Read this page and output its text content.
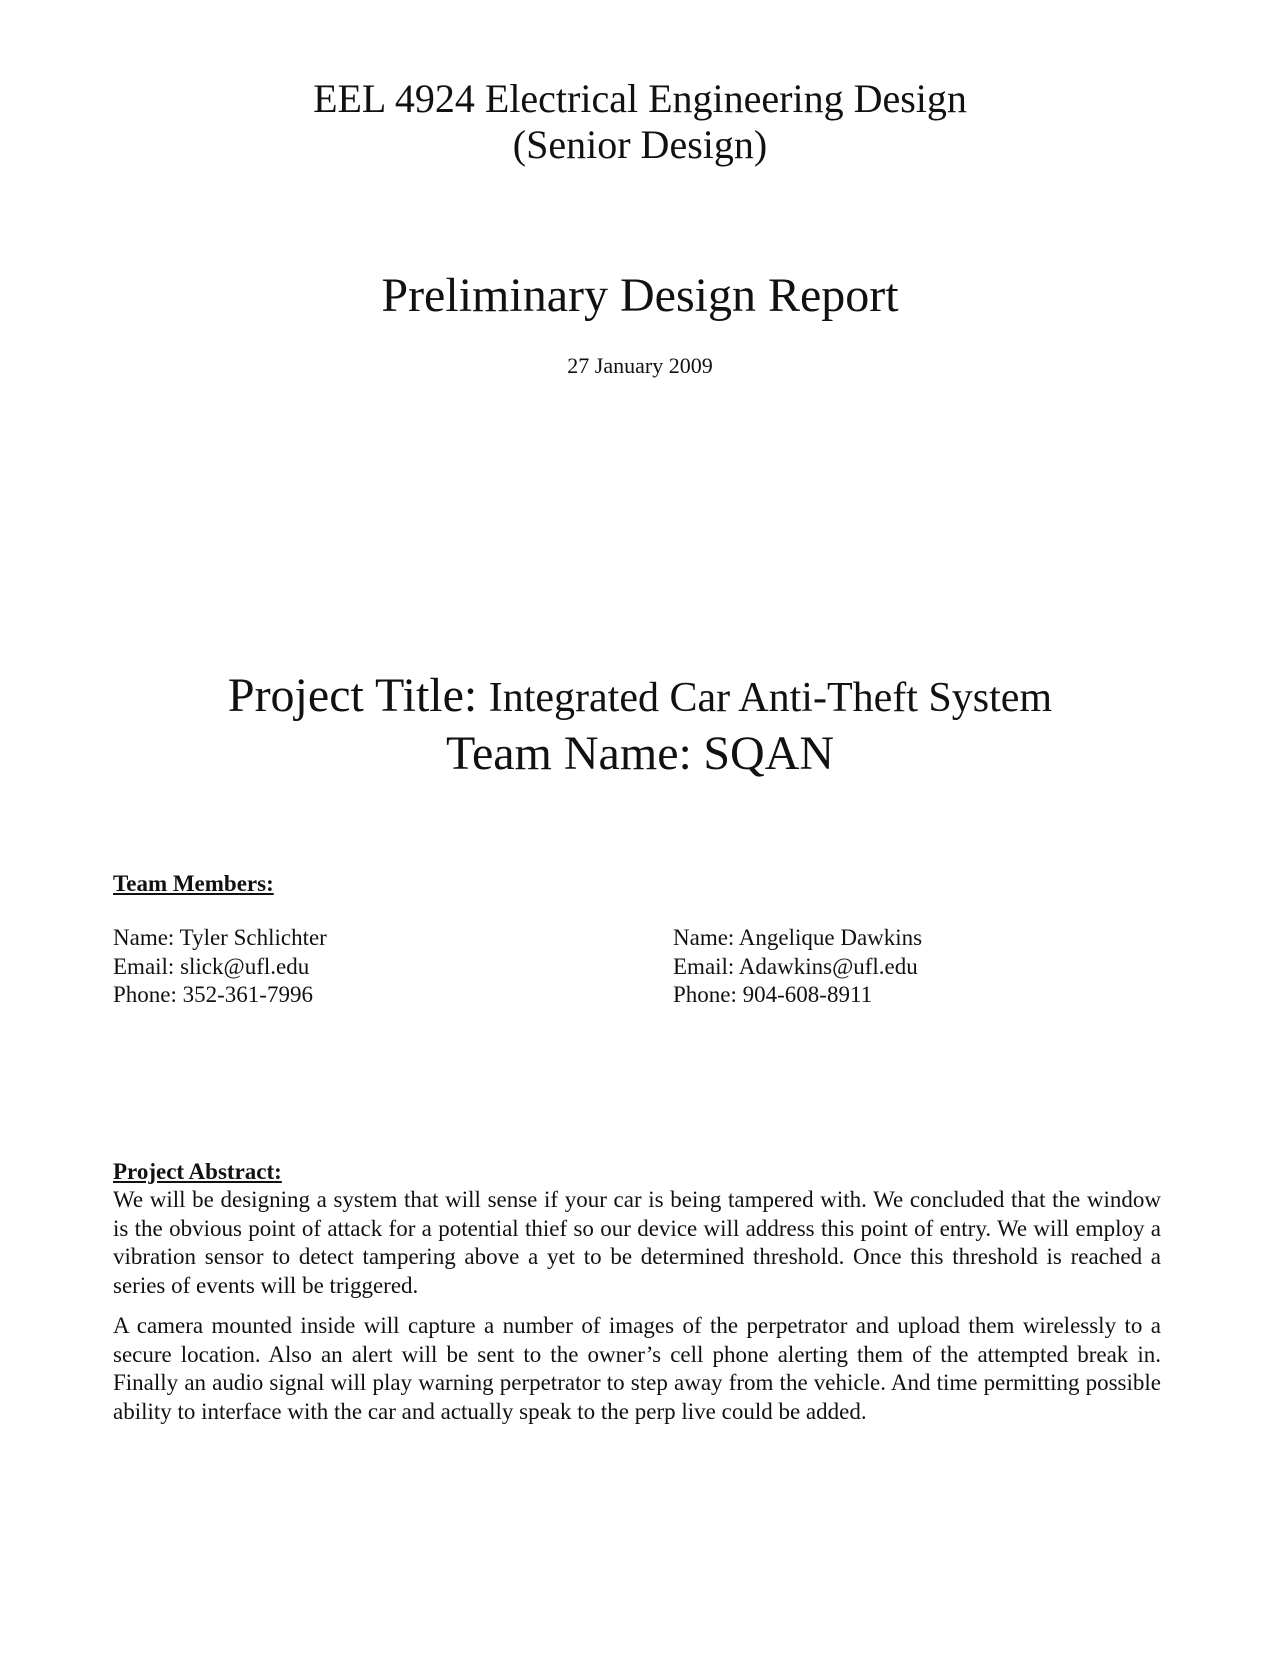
EEL 4924 Electrical Engineering Design
(Senior Design)
Preliminary Design Report
27 January 2009
Project Title: Integrated Car Anti-Theft System
Team Name: SQAN
Team Members:
Name: Tyler Schlichter
Email: slick@ufl.edu
Phone: 352-361-7996
Name: Angelique Dawkins
Email: Adawkins@ufl.edu
Phone: 904-608-8911
Project Abstract:

We will be designing a system that will sense if your car is being tampered with. We concluded that the window is the obvious point of attack for a potential thief so our device will address this point of entry. We will employ a vibration sensor to detect tampering above a yet to be determined threshold. Once this threshold is reached a series of events will be triggered.

A camera mounted inside will capture a number of images of the perpetrator and upload them wirelessly to a secure location. Also an alert will be sent to the owner’s cell phone alerting them of the attempted break in. Finally an audio signal will play warning perpetrator to step away from the vehicle. And time permitting possible ability to interface with the car and actually speak to the perp live could be added.
